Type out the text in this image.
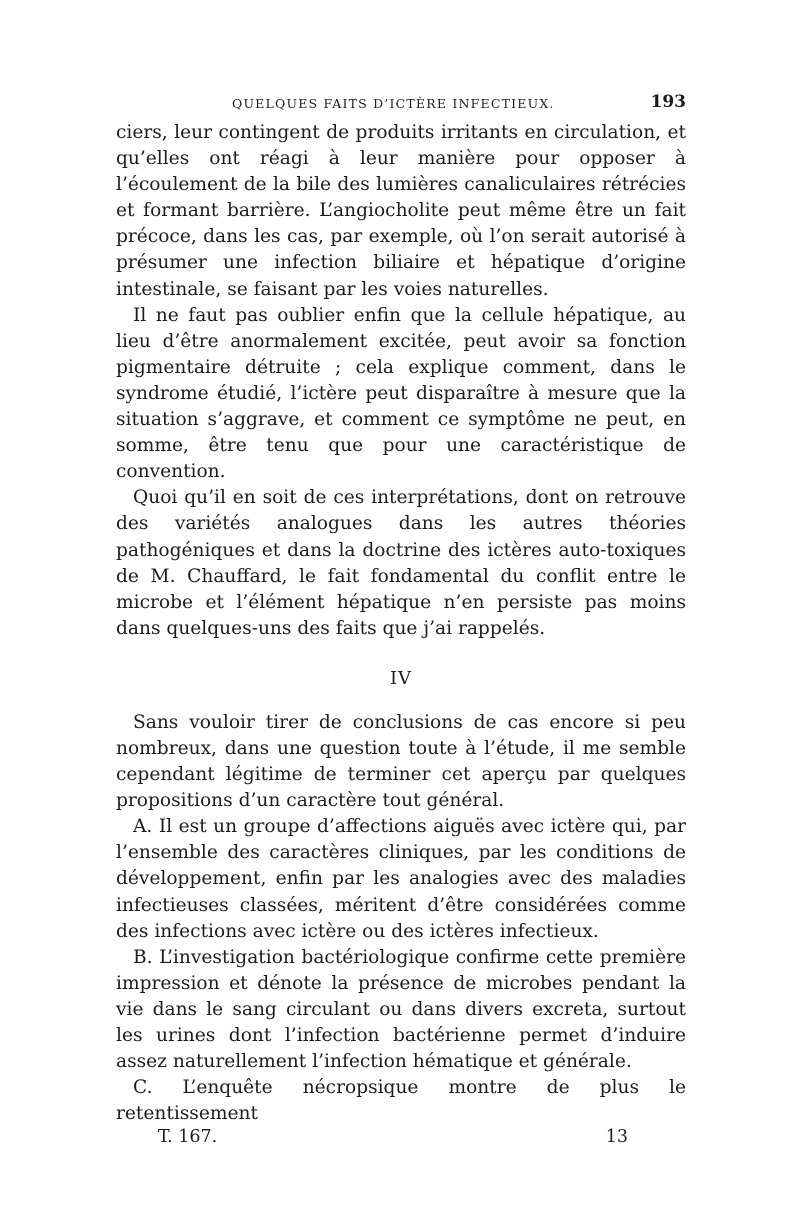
QUELQUES FAITS D’ICTÈRE INFECTIEUX.	193

ciers, leur contingent de produits irritants en circulation, et qu’elles ont réagi à leur manière pour opposer à l’écoulement de la bile des lumières canaliculaires rétrécies et formant barrière. L’angiocholite peut même être un fait précoce, dans les cas, par exemple, où l’on serait autorisé à présumer une infection biliaire et hépatique d’origine intestinale, se faisant par les voies naturelles.

Il ne faut pas oublier enfin que la cellule hépatique, au lieu d’être anormalement excitée, peut avoir sa fonction pigmentaire détruite ; cela explique comment, dans le syndrome étudié, l’ictère peut disparaître à mesure que la situation s’aggrave, et comment ce symptôme ne peut, en somme, être tenu que pour une caractéristique de convention.

Quoi qu’il en soit de ces interprétations, dont on retrouve des variétés analogues dans les autres théories pathogéniques et dans la doctrine des ictères auto-toxiques de M. Chauffard, le fait fondamental du conflit entre le microbe et l’élément hépatique n’en persiste pas moins dans quelques-uns des faits que j’ai rappelés.

IV

Sans vouloir tirer de conclusions de cas encore si peu nombreux, dans une question toute à l’étude, il me semble cependant légitime de terminer cet aperçu par quelques propositions d’un caractère tout général.

A. Il est un groupe d’affections aiguës avec ictère qui, par l’ensemble des caractères cliniques, par les conditions de développement, enfin par les analogies avec des maladies infectieuses classées, méritent d’être considérées comme des infections avec ictère ou des ictères infectieux.

B. L’investigation bactériologique confirme cette première impression et dénote la présence de microbes pendant la vie dans le sang circulant ou dans divers excreta, surtout les urines dont l’infection bactérienne permet d’induire assez naturellement l’infection hématique et générale.

C. L’enquête nécropsique montre de plus le retentissement

T. 167.	13
